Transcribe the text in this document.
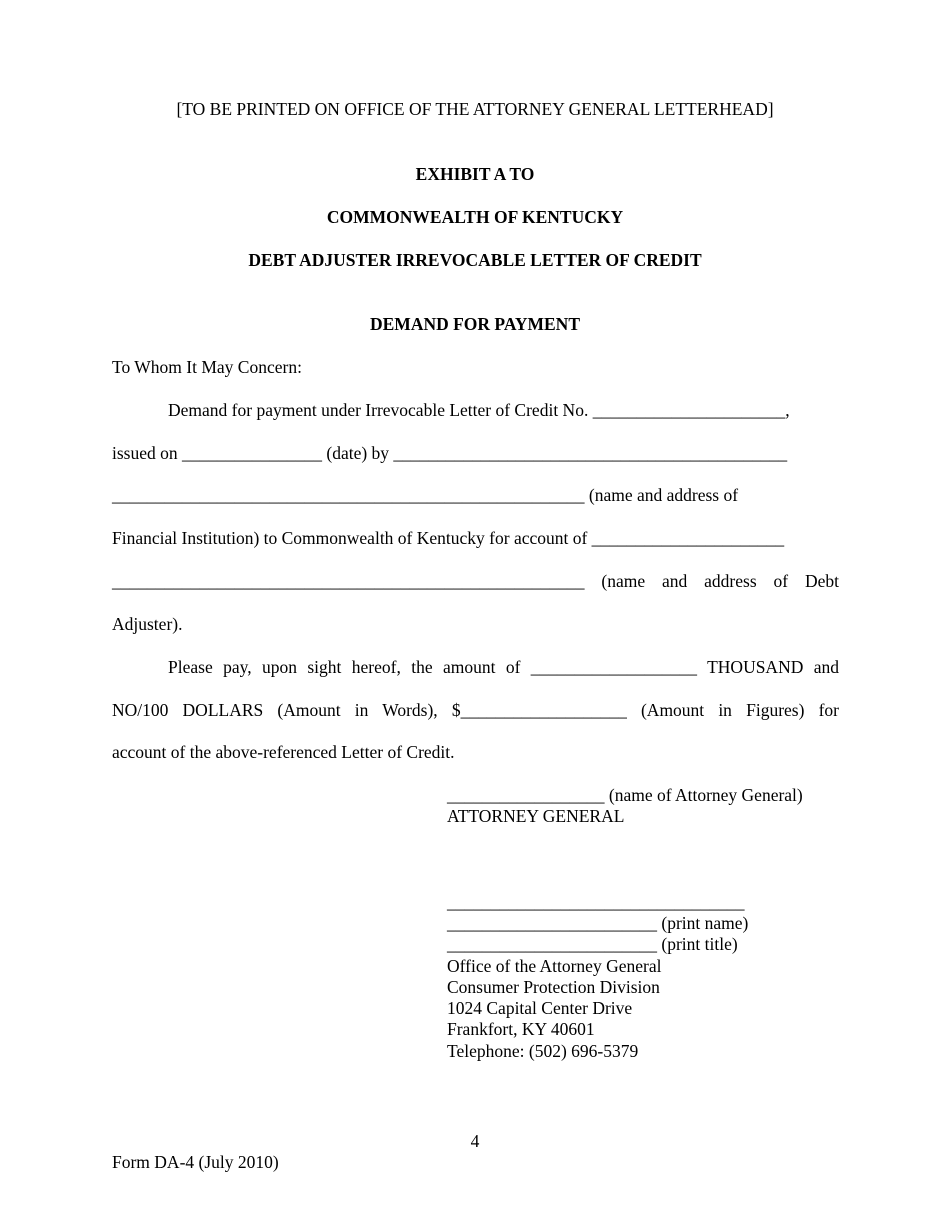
[TO BE PRINTED ON OFFICE OF THE ATTORNEY GENERAL LETTERHEAD]
EXHIBIT A TO
COMMONWEALTH OF KENTUCKY
DEBT ADJUSTER IRREVOCABLE LETTER OF CREDIT
DEMAND FOR PAYMENT
To Whom It May Concern:
Demand for payment under Irrevocable Letter of Credit No. ______________________,
issued on ________________ (date) by _____________________________________________
______________________________________________________ (name and address of
Financial Institution) to Commonwealth of Kentucky for account of ______________________
______________________________________________________ (name and address of Debt
Adjuster).
Please pay, upon sight hereof, the amount of ___________________ THOUSAND and
NO/100 DOLLARS (Amount in Words), $___________________ (Amount in Figures) for
account of the above-referenced Letter of Credit.
__________________ (name of Attorney General)
ATTORNEY GENERAL
__________________________________
________________________ (print name)
________________________ (print title)
Office of the Attorney General
Consumer Protection Division
1024 Capital Center Drive
Frankfort, KY 40601
Telephone: (502) 696-5379
4
Form DA-4 (July 2010)
